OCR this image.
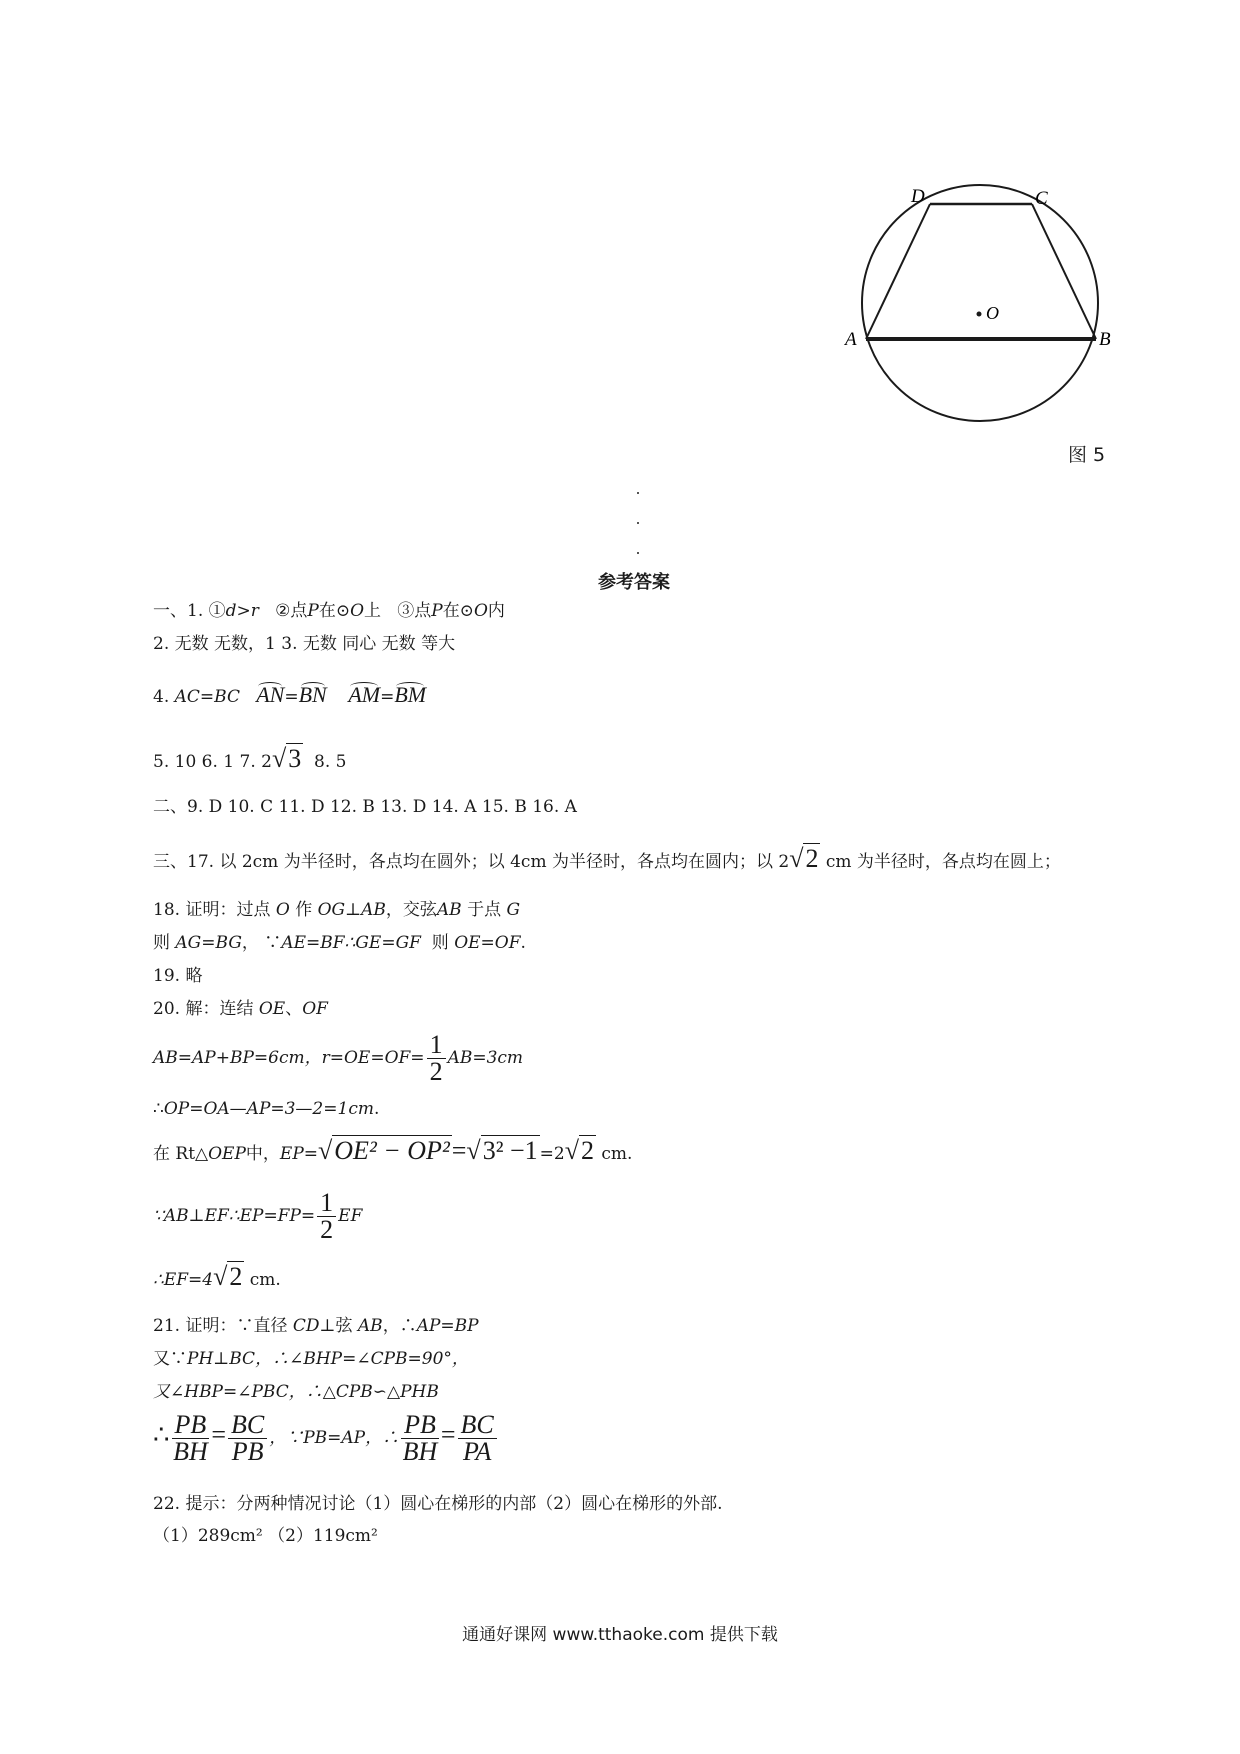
O
A	B
C
D
图 5
参考答案
一、1. ①d>r ②点P在⊙O上 ③点P在⊙O内
2. 无数 无数，1 3. 无数 同心 无数 等大
4. AC=BC AN=BN AM=BM
5. 10 6. 1 7. 2√3 8. 5
二、9. D 10. C 11. D 12. B 13. D 14. A 15. B 16. A
三、17. 以 2cm 为半径时，各点均在圆外；以 4cm 为半径时，各点均在圆内；以 2√2 cm 为半径时，各点均在圆上；
18. 证明：过点 O 作 OG⊥AB，交弦AB 于点 G
则 AG=BG， ∵AE=BF∴GE=GF 则 OE=OF.
19. 略
20. 解：连结 OE、OF
AB=AP+BP=6cm，$r=OE=OF= \frac{1}{2} AB=3cm$
∴OP=OA—AP=3—2=1cm.
在 Rt△OEP中，EP=√OE² − OP²=√3² −1 =2√2 cm.
∵AB⊥EF∴EP=FP= $\frac{1}{2}$ EF
∴EF=4√2 cm.
21. 证明：∵直径 CD⊥弦 AB，∴AP=BP
又∵PH⊥BC，∴∠BHP=∠CPB=90°，
又∠HBP=∠PBC，∴△CPB∽△PHB
∴ $\frac{PB}{BH} = \frac{BC}{PB}$ ，∵PB=AP，∴ $\frac{PB}{BH} = \frac{BC}{PA}$
22. 提示：分两种情况讨论（1）圆心在梯形的内部（2）圆心在梯形的外部.
（1）289cm² （2）119cm²
通通好课网 www.tthaoke.com 提供下载
